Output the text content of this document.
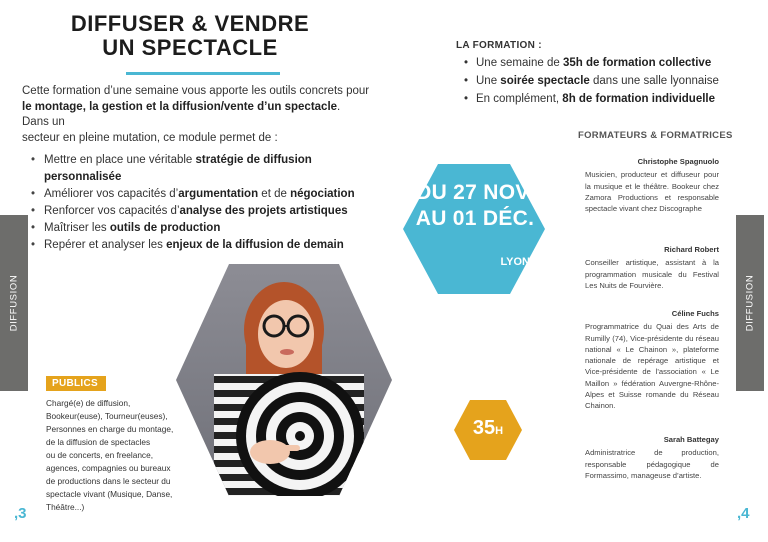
DIFFUSER & VENDRE
UN SPECTACLE
Cette formation d’une semaine vous apporte les outils concrets pour
le montage, la gestion et la diffusion/vente d’un spectacle. Dans un
secteur en pleine mutation, ce module permet de :
• Mettre en place une véritable stratégie de diffusion personnalisée
• Améliorer vos capacités d’argumentation et de négociation
• Renforcer vos capacités d’analyse des projets artistiques
• Maîtriser les outils de production
• Repérer et analyser les enjeux de la diffusion de demain
DIFFUSION
PUBLICS
Chargé(e) de diffusion,
Bookeur(euse), Tourneur(euses),
Personnes en charge du montage,
de la diffusion de spectacles
ou de concerts, en freelance,
agences, compagnies ou bureaux
de productions dans le secteur du
spectacle vivant (Musique, Danse,
Théâtre...)
,3
DU 27 NOV.
AU 01 DÉC.
LYON
35H
LA FORMATION :
• Une semaine de 35h de formation collective
• Une soirée spectacle dans une salle lyonnaise
• En complément, 8h de formation individuelle
FORMATEURS & FORMATRICES
Christophe Spagnuolo
Musicien, producteur et diffuseur pour la musique et le théâtre. Bookeur chez Zamora Productions et responsable spectacle vivant chez Discographe
Richard Robert
Conseiller artistique, assistant à la programmation musicale du Festival Les Nuits de Fourvière.
Céline Fuchs
Programmatrice du Quai des Arts de Rumilly (74), Vice-présidente du réseau national « Le Chainon », plateforme nationale de repérage artistique et Vice-présidente de l’association « Le Maillon » fédération Auvergne-Rhône-Alpes et Suisse romande du Réseau Chainon.
Sarah Battegay
Administratrice de production, responsable pédagogique de Formassimo, manageuse d’artiste.
DIFFUSION
,4
